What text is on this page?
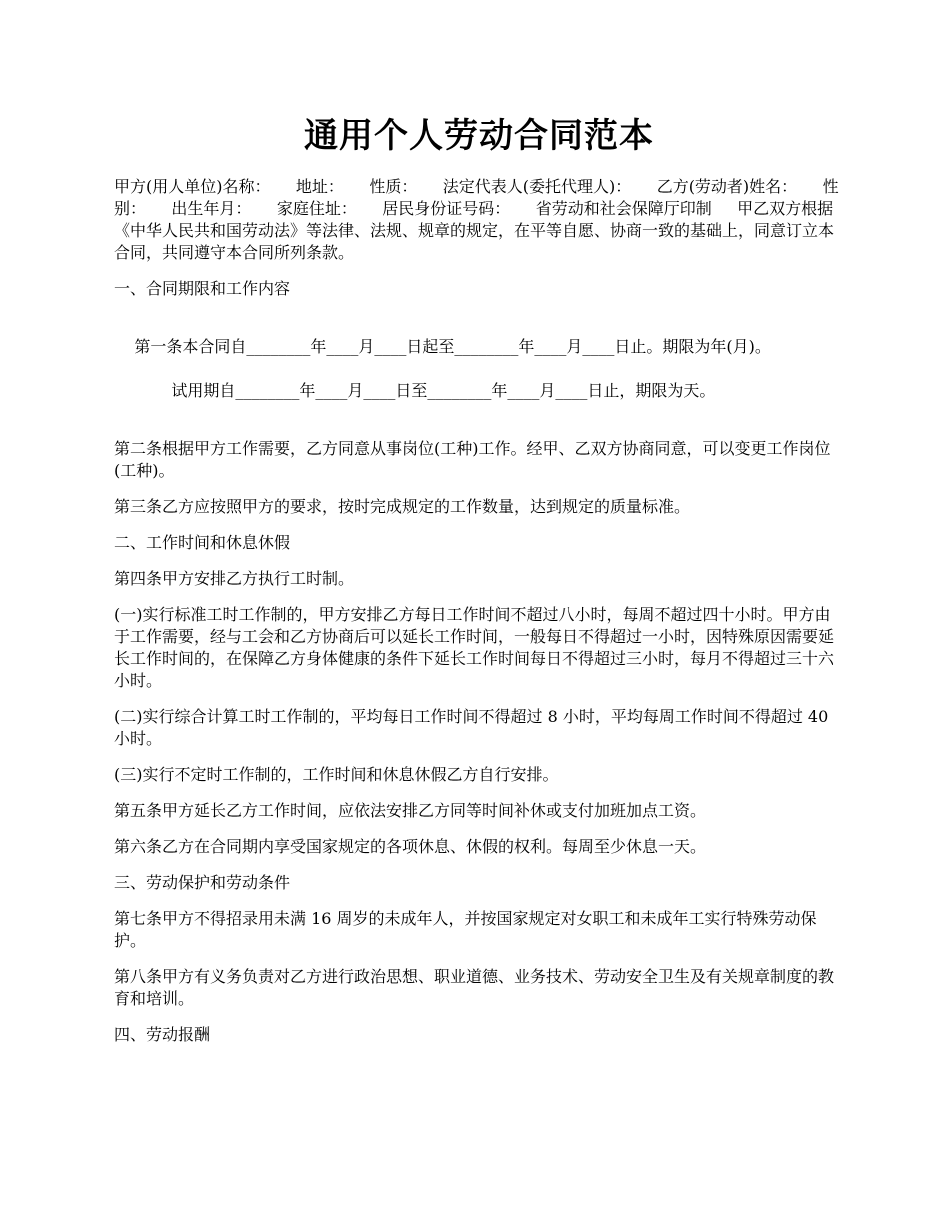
通用个人劳动合同范本

甲方(用人单位)名称：     地址：     性质：     法定代表人(委托代理人)：     乙方(劳动者)姓名：     性别：     出生年月：     家庭住址：     居民身份证号码：     省劳动和社会保障厅印制     甲乙双方根据《中华人民共和国劳动法》等法律、法规、规章的规定，在平等自愿、协商一致的基础上，同意订立本合同，共同遵守本合同所列条款。

一、合同期限和工作内容

第一条本合同自________年____月____日起至________年____月____日止。期限为年(月)。

试用期自________年____月____日至________年____月____日止，期限为天。

第二条根据甲方工作需要，乙方同意从事岗位(工种)工作。经甲、乙双方协商同意，可以变更工作岗位(工种)。

第三条乙方应按照甲方的要求，按时完成规定的工作数量，达到规定的质量标准。

二、工作时间和休息休假

第四条甲方安排乙方执行工时制。

(一)实行标准工时工作制的，甲方安排乙方每日工作时间不超过八小时，每周不超过四十小时。甲方由于工作需要，经与工会和乙方协商后可以延长工作时间，一般每日不得超过一小时，因特殊原因需要延长工作时间的，在保障乙方身体健康的条件下延长工作时间每日不得超过三小时，每月不得超过三十六小时。

(二)实行综合计算工时工作制的，平均每日工作时间不得超过 8 小时，平均每周工作时间不得超过 40 小时。

(三)实行不定时工作制的，工作时间和休息休假乙方自行安排。

第五条甲方延长乙方工作时间，应依法安排乙方同等时间补休或支付加班加点工资。

第六条乙方在合同期内享受国家规定的各项休息、休假的权利。每周至少休息一天。

三、劳动保护和劳动条件

第七条甲方不得招录用未满 16 周岁的未成年人，并按国家规定对女职工和未成年工实行特殊劳动保护。

第八条甲方有义务负责对乙方进行政治思想、职业道德、业务技术、劳动安全卫生及有关规章制度的教育和培训。

四、劳动报酬
